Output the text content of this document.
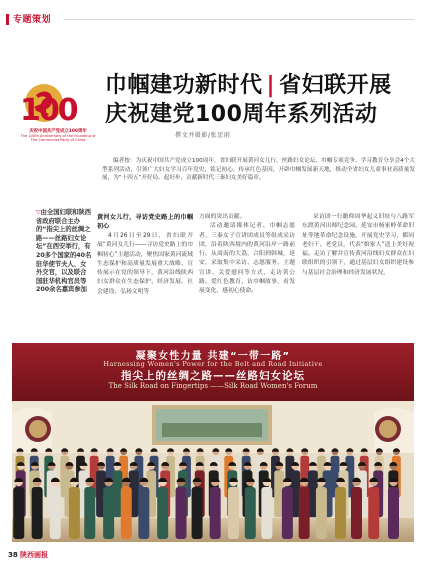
专题策划
100
庆祝中国共产党成立100周年
The 100th Anniversary of the Founding of The Communist Party of China
巾帼建功新时代 | 省妇联开展
庆祝建党100周年系列活动
撰文并摄影/张思雨
编者按：为庆祝中国共产党成立100周年，省妇联开展黄河女儿行、丝路妇女论坛、巾帼专项竞争、学习教育分享会4个大型系列活动，引领广大妇女学习百年党史，铭记初心，传承红色基因，开辟巾帼发展新天地，推动全省妇女儿童事业高质量发展，为“十四五”开好局、起好步，贡献新时代三秦妇女美好篇章。
▽由全国妇联和陕西省政府联合主办的“指尖上的丝绸之路——丝路妇女论坛”在西安举行，有20多个国家的40名驻华使节夫人、女外交官，以及联合国驻华机构官员等200余名嘉宾参加
黄河女儿行，寻访党史路上的巾帼初心

4月26日至29日，省妇联开展“黄河女儿行——寻访党史路上的巾帼初心”主题活动，聚焦国家黄河流域生态保护和高质量发展重大战略，宣传展示在党的领导下，黄河沿线陕西妇女群众在生态保护、经济发展、社会建设、弘扬文明等

方面的突出贡献。

活动邀请媒体记者、巾帼志愿者、三秦女子宣讲团成员等组成采访团，沿着陕西境内的黄河沿岸一路前行。从商南的大荔，合阳到韩城，延安，采取集中采访、志愿服务、主题宣讲、关爱慰问等方式，走访黄公路、爱红色教育，访巾帼故事，看发展变化，感初心使命。

采访团一行瞻仰周华起义旧址与八路军东渡黄河出师纪念园、延安市杨家岭革命旧址等地革命纪念设施，开展党史学习，都同老妇干、老党员，代表“娘家人”送上美好祝福。走访了解并宣传黄河沿线妇女群众在妇联组织的引领下，通过基层妇女组织建设参与基层社会治理和经济发展状况，

凝聚女性力量 共建“一带一路”
Harnessing Women's Power for the Belt and Road Initiative
指尖上的丝绸之路——丝路妇女论坛
The Silk Road on Fingertips ——Silk Road Women's Forum
38 陕西画报
